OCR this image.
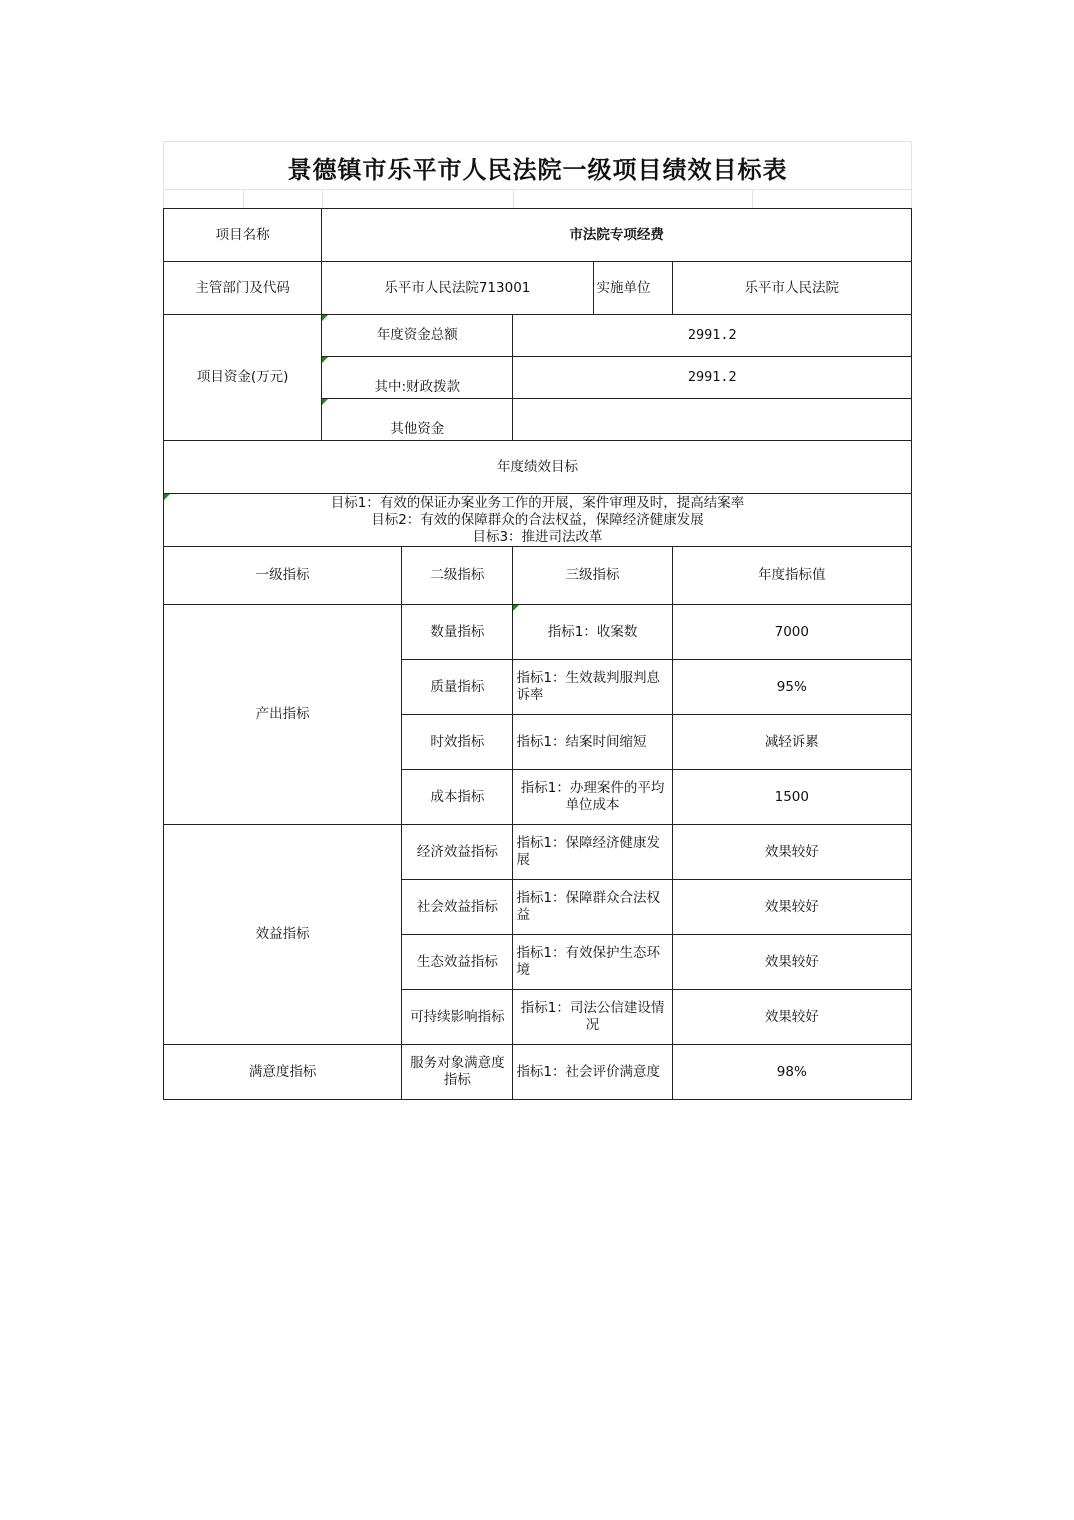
景德镇市乐平市人民法院一级项目绩效目标表
项目名称	市法院专项经费				
主管部门及代码	乐平市人民法院713001			实施单位	乐平市人民法院
项目资金(万元)	年度资金总额		2991.2		

其中:财政拨款		2991.2		

其他资金				
年度绩效目标					

目标1：有效的保证办案业务工作的开展，案件审理及时，提高结案率
目标2：有效的保障群众的合法权益，保障经济健康发展
目标3：推进司法改革					

一级指标		二级指标	三级指标		年度指标值
产出指标		数量指标	指标1：收案数		7000
		质量指标	指标1：生效裁判服判息诉率		95%
		时效指标	指标1：结案时间缩短		减轻诉累
		成本指标	指标1：办理案件的平均单位成本		1500
效益指标		经济效益指标	指标1：保障经济健康发展		效果较好
		社会效益指标	指标1：保障群众合法权益		效果较好
		生态效益指标	指标1：有效保护生态环境		效果较好
		可持续影响指标	指标1：司法公信建设情况		效果较好
满意度指标		服务对象满意度指标	指标1：社会评价满意度		98%
